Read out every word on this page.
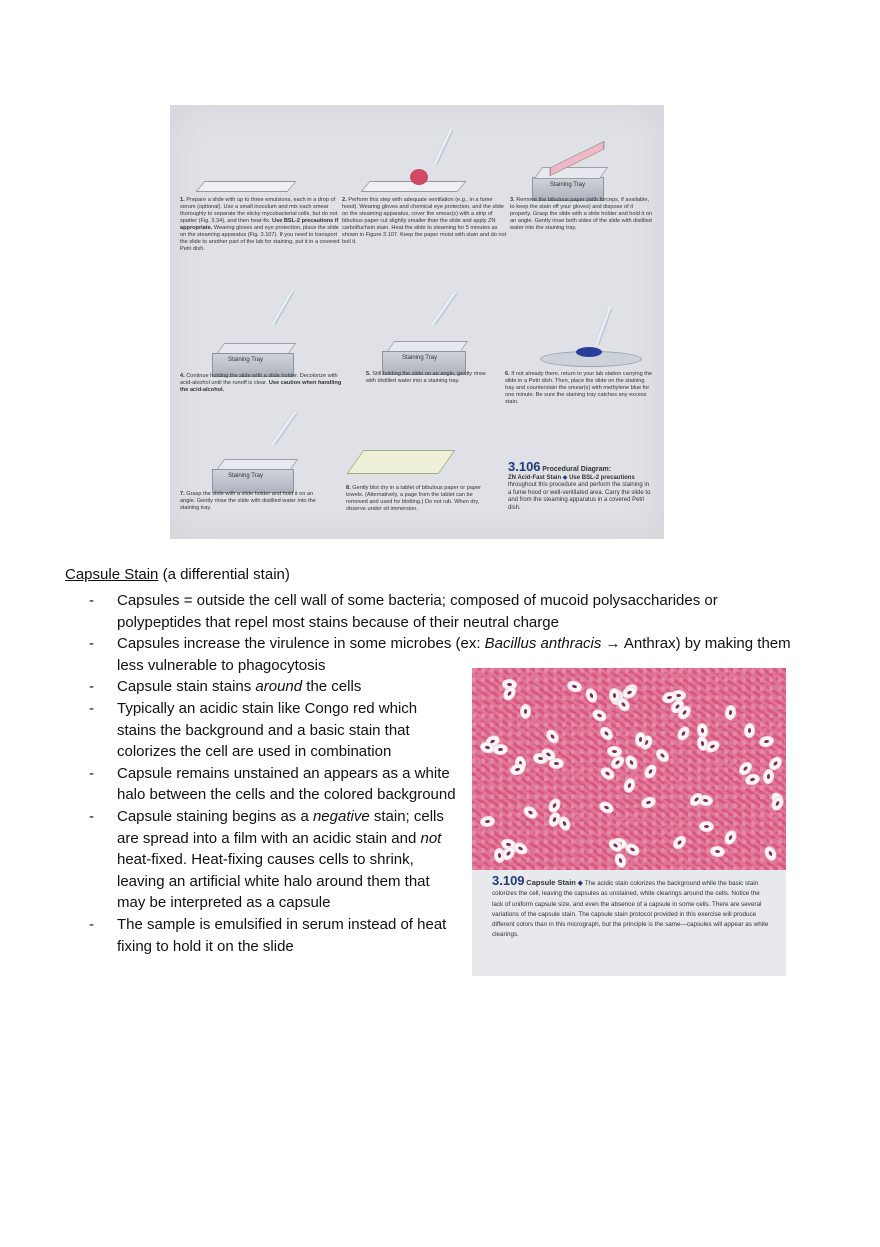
Staining Tray
1. Prepare a slide with up to three emulsions, each in a drop of serum (optional). Use a small inoculum and mix each smear thoroughly to separate the sticky mycobacterial cells, but do not spatter (Fig. 3.34), and then heat-fix. Use BSL-2 precautions if appropriate. Wearing gloves and eye protection, place the slide on the steaming apparatus (Fig. 3.107). If you need to transport the slide to another part of the lab for staining, put it in a covered Petri dish.
2. Perform this step with adequate ventilation (e.g., in a fume hood). Wearing gloves and chemical eye protection, and the slide on the steaming apparatus, cover the smear(s) with a strip of bibulous paper cut slightly smaller than the slide and apply ZN carbolfuchsin stain. Heat the slide to steaming for 5 minutes as shown in Figure 3.107. Keep the paper moist with stain and do not boil it.
3. Remove the bibulous paper (with forceps, if available, to keep the stain off your gloves) and dispose of it properly. Grasp the slide with a slide holder and hold it on an angle. Gently rinse both sides of the slide with distilled water into the staining tray.
Staining Tray	Staining Tray
4. Continue holding the slide with a slide holder. Decolorize with acid-alcohol until the runoff is clear. Use caution when handling the acid-alcohol.
5. Still holding the slide on an angle, gently rinse with distilled water into a staining tray.
6. If not already there, return to your lab station carrying the slide in a Petri dish. Then, place the slide on the staining tray and counterstain the smear(s) with methylene blue for one minute. Be sure the staining tray catches any excess stain.
Staining Tray
7. Grasp the slide with a slide holder and hold it on an angle. Gently rinse the slide with distilled water into the staining tray.
8. Gently blot dry in a tablet of bibulous paper or paper towels. (Alternatively, a page from the tablet can be removed and used for blotting.) Do not rub. When dry, observe under oil immersion.
3.106 Procedural Diagram:
ZN Acid-Fast Stain ◆ Use BSL-2 precautions throughout this procedure and perform the staining in a fume hood or well-ventilated area. Carry the slide to and from the steaming apparatus in a covered Petri dish.
Capsule Stain (a differential stain)
- Capsules = outside the cell wall of some bacteria; composed of mucoid polysaccharides or polypeptides that repel most stains because of their neutral charge
- Capsules increase the virulence in some microbes (ex: Bacillus anthracis → Anthrax) by making them less vulnerable to phagocytosis
- Capsule stain stains around the cells
- Typically an acidic stain like Congo red which stains the background and a basic stain that colorizes the cell are used in combination
- Capsule remains unstained an appears as a white halo between the cells and the colored background
- Capsule staining begins as a negative stain; cells are spread into a film with an acidic stain and not heat-fixed. Heat-fixing causes cells to shrink, leaving an artificial white halo around them that may be interpreted as a capsule
- The sample is emulsified in serum instead of heat fixing to hold it on the slide
3.109 Capsule Stain ◆ The acidic stain colorizes the background while the basic stain colorizes the cell, leaving the capsules as unstained, white clearings around the cells. Notice the lack of uniform capsule size, and even the absence of a capsule in some cells. There are several variations of the capsule stain. The capsule stain protocol provided in this exercise will produce different colors than in this micrograph, but the principle is the same—capsules will appear as white clearings.
